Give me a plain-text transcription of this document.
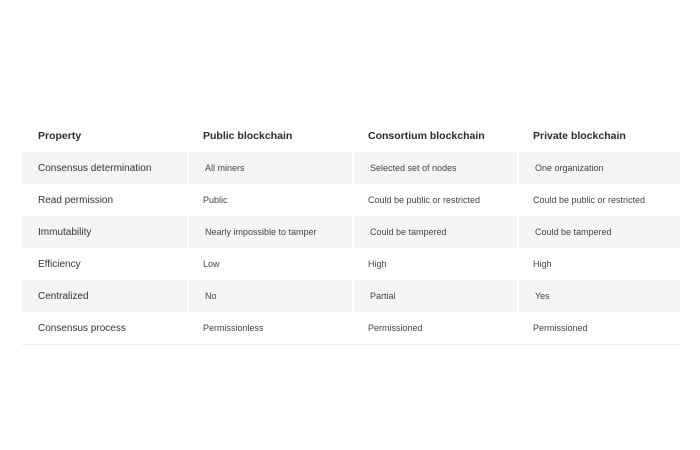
Property	Public blockchain	Consortium blockchain	Private blockchain
Consensus determination	All miners	Selected set of nodes	One organization
Read permission	Public	Could be public or restricted	Could be public or restricted
Immutability	Nearly impossible to tamper	Could be tampered	Could be tampered
Efficiency	Low	High	High
Centralized	No	Partial	Yes
Consensus process	Permissionless	Permissioned	Permissioned
